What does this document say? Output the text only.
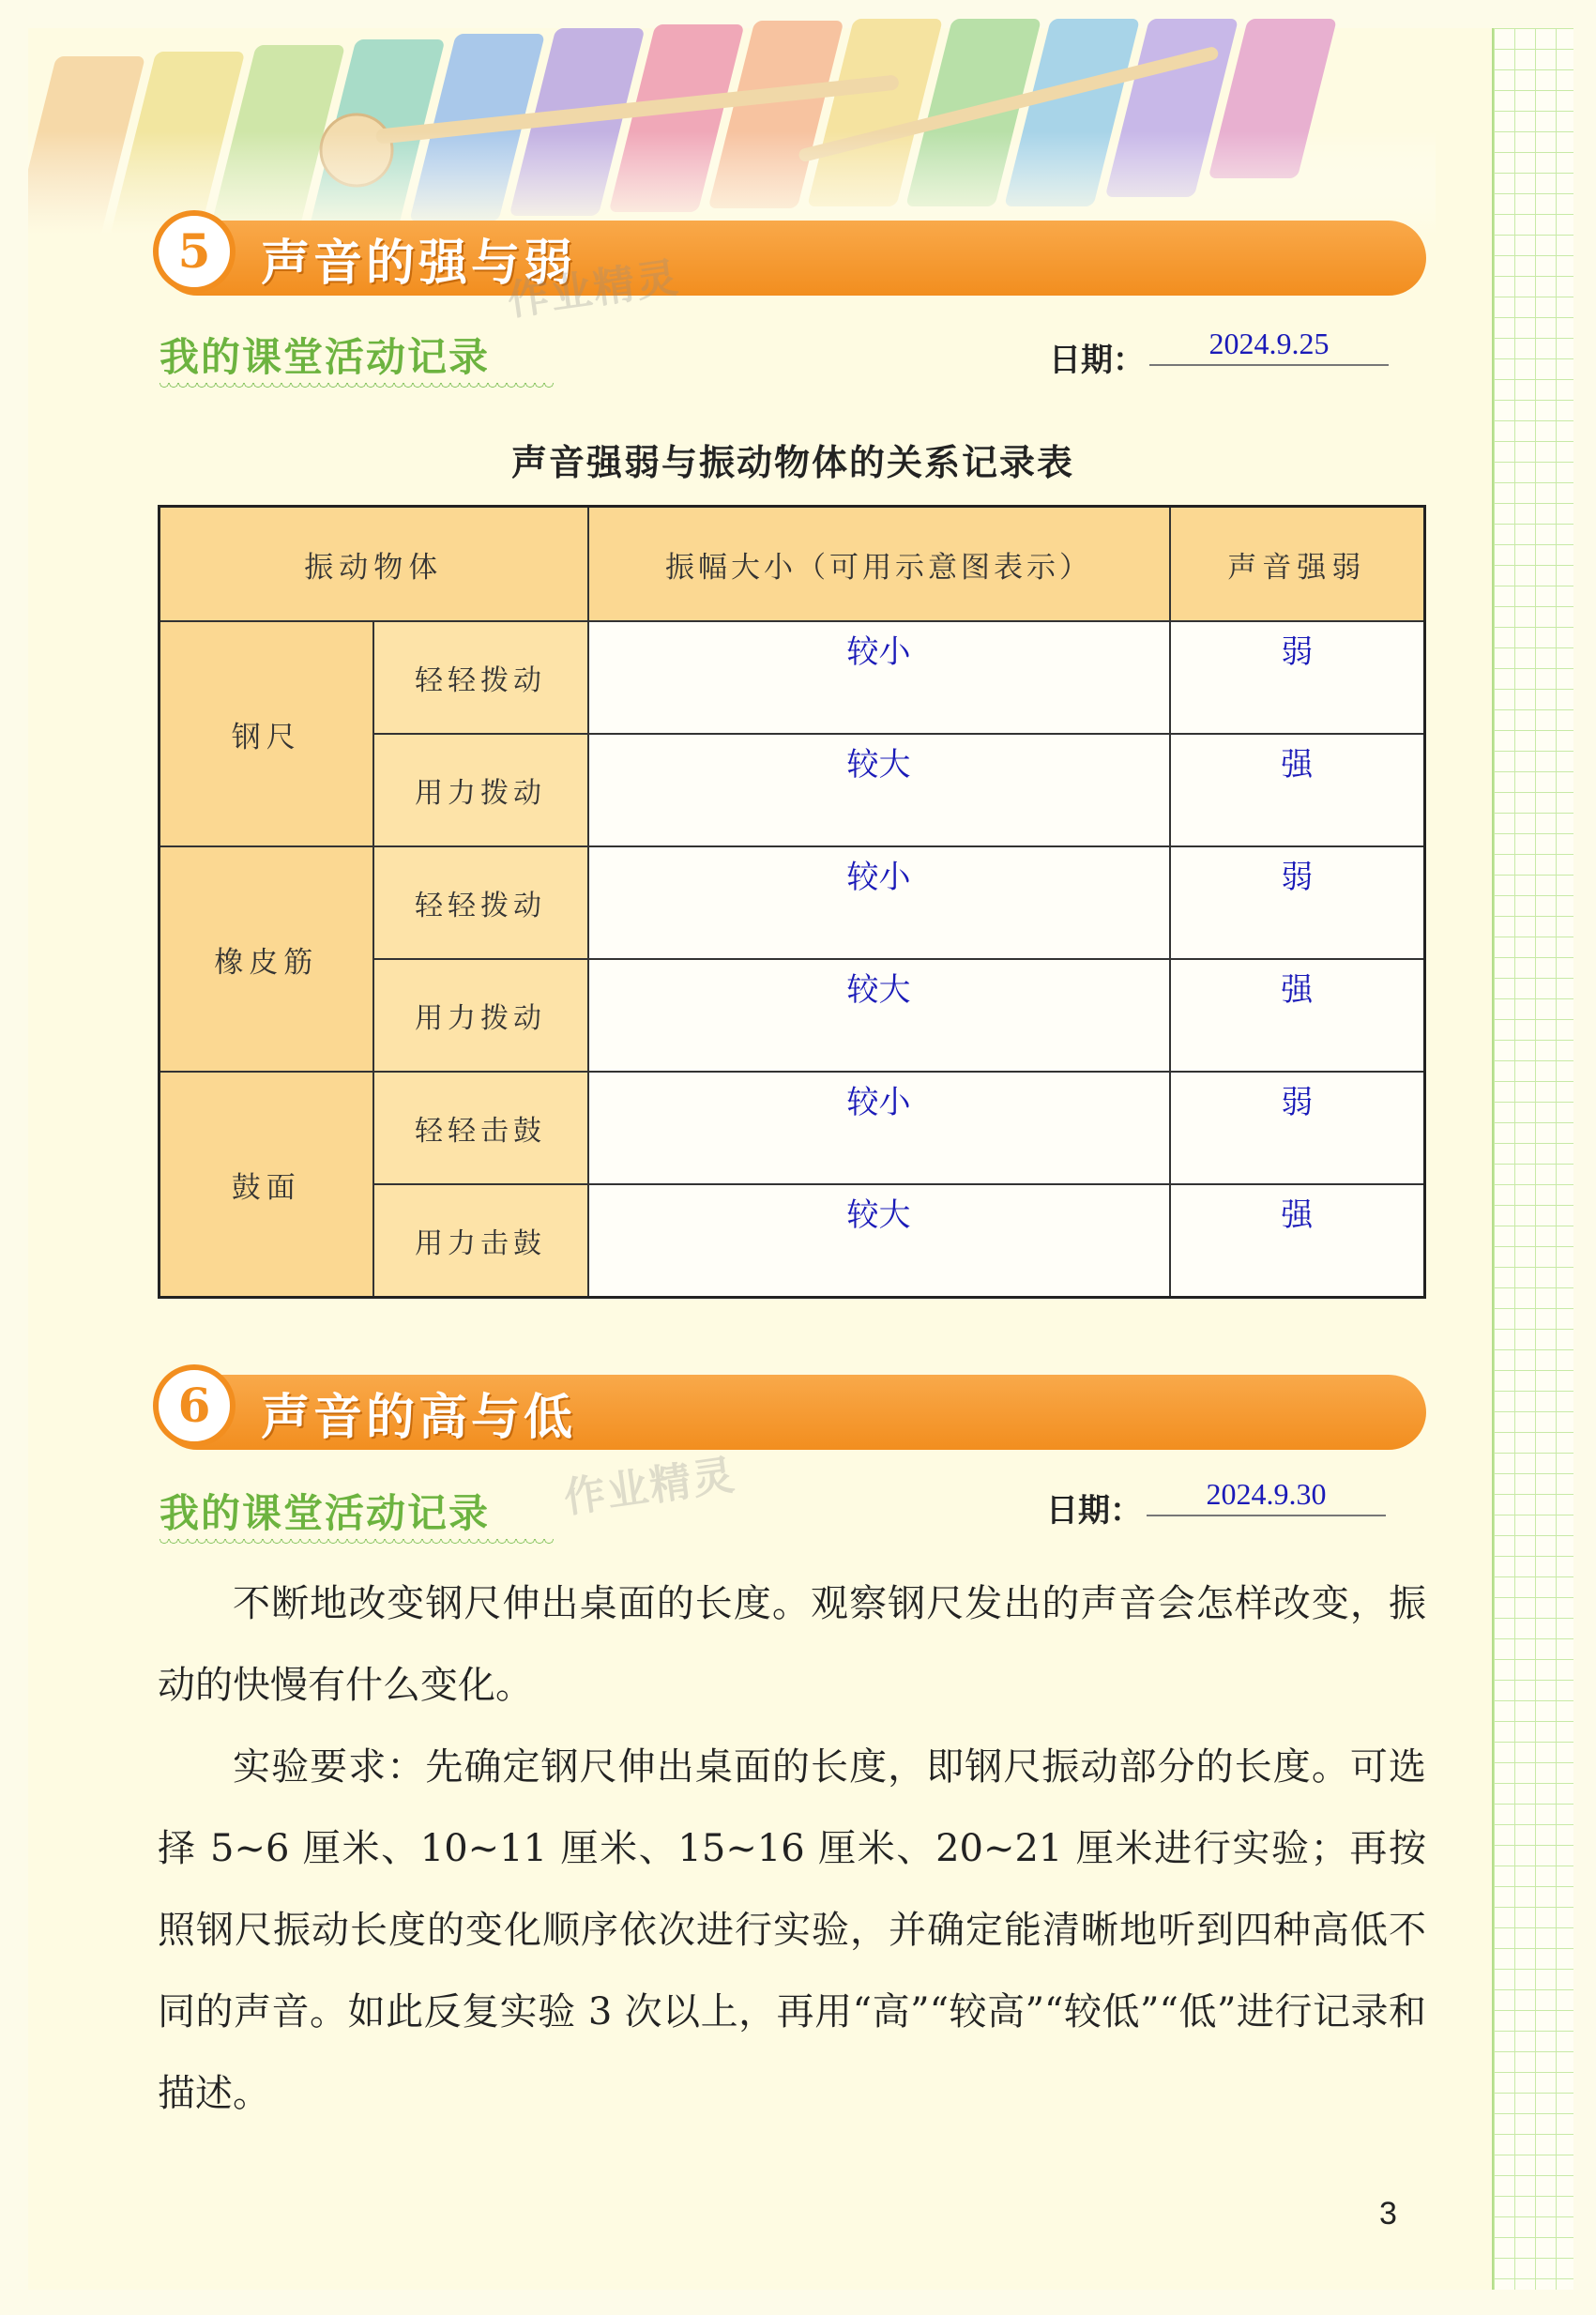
5	声音的强与弱
作业精灵
我的课堂活动记录	日期：	2024.9.25
声音强弱与振动物体的关系记录表
振动物体		振幅大小（可用示意图表示）	声音强弱
钢尺	轻轻拨动	较小	弱

	用力拨动	较大	强

橡皮筋	轻轻拨动	较小	弱

	用力拨动	较大	强

鼓面	轻轻击鼓	较小	弱

	用力击鼓	较大	强
6	声音的高与低
作业精灵
我的课堂活动记录	日期：	2024.9.30

不断地改变钢尺伸出桌面的长度。观察钢尺发出的声音会怎样改变，振动的快慢有什么变化。

实验要求：先确定钢尺伸出桌面的长度，即钢尺振动部分的长度。可选择 5~6 厘米、10~11 厘米、15~16 厘米、20~21 厘米进行实验；再按照钢尺振动长度的变化顺序依次进行实验，并确定能清晰地听到四种高低不同的声音。如此反复实验 3 次以上，再用“高”“较高”“较低”“低”进行记录和描述。

3
